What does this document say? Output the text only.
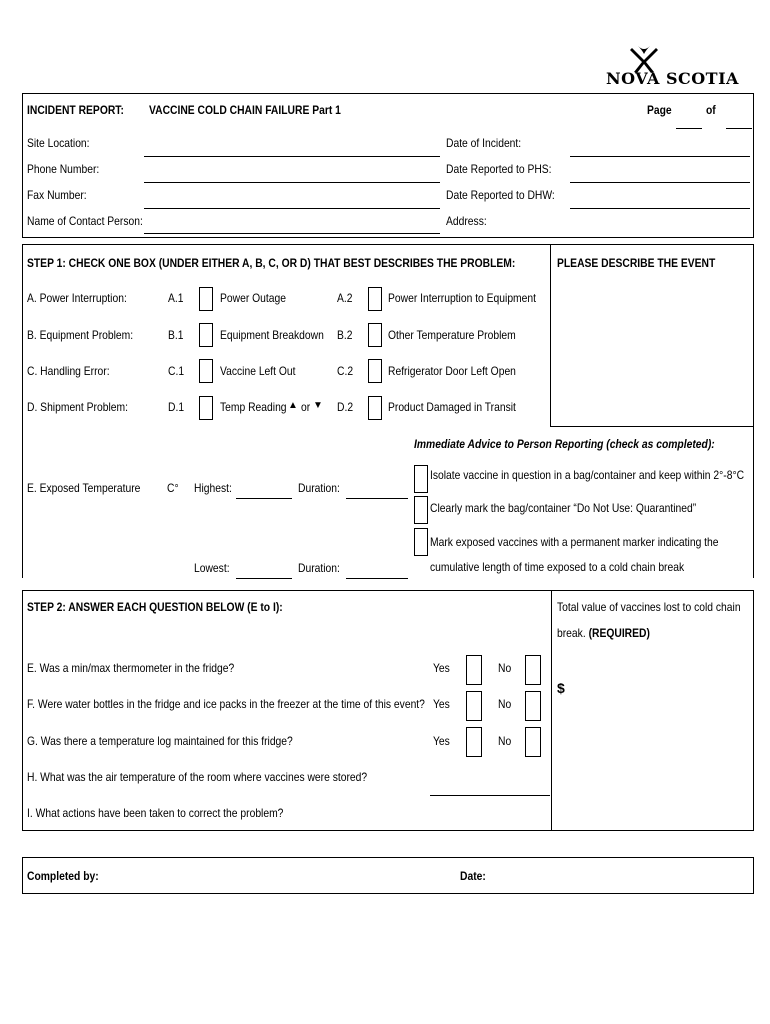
NOVA SCOTIA
INCIDENT REPORT:	VACCINE COLD CHAIN FAILURE Part 1	Page	of
Site Location:
Phone Number:
Fax Number:
Name of Contact Person:
Date of Incident:
Date Reported to PHS:
Date Reported to DHW:
Address:
STEP 1: CHECK ONE BOX (UNDER EITHER A, B, C, OR D) THAT BEST DESCRIBES THE PROBLEM:	PLEASE DESCRIBE THE EVENT
A. Power Interruption:	A.1	Power Outage	A.2	Power Interruption to Equipment
B. Equipment Problem:	B.1	Equipment Breakdown	B.2	Other Temperature Problem
C. Handling Error:	C.1	Vaccine Left Out	C.2	Refrigerator Door Left Open
D. Shipment Problem:	D.1	Temp Reading ▲ or ▼ D.2	Product Damaged in Transit
Immediate Advice to Person Reporting (check as completed):
E. Exposed Temperature	C° Highest:	Duration:
Lowest:	Duration:
Isolate vaccine in question in a bag/container and keep within 2°-8°C
Clearly mark the bag/container “Do Not Use: Quarantined”
Mark exposed vaccines with a permanent marker indicating the
cumulative length of time exposed to a cold chain break
STEP 2: ANSWER EACH QUESTION BELOW (E to I):	Total value of vaccines lost to cold chain
break. (REQUIRED)
$
E. Was a min/max thermometer in the fridge?	Yes	No
F. Were water bottles in the fridge and ice packs in the freezer at the time of this event? Yes	No
G. Was there a temperature log maintained for this fridge?	Yes	No
H. What was the air temperature of the room where vaccines were stored?
I. What actions have been taken to correct the problem?
Completed by:	Date:
